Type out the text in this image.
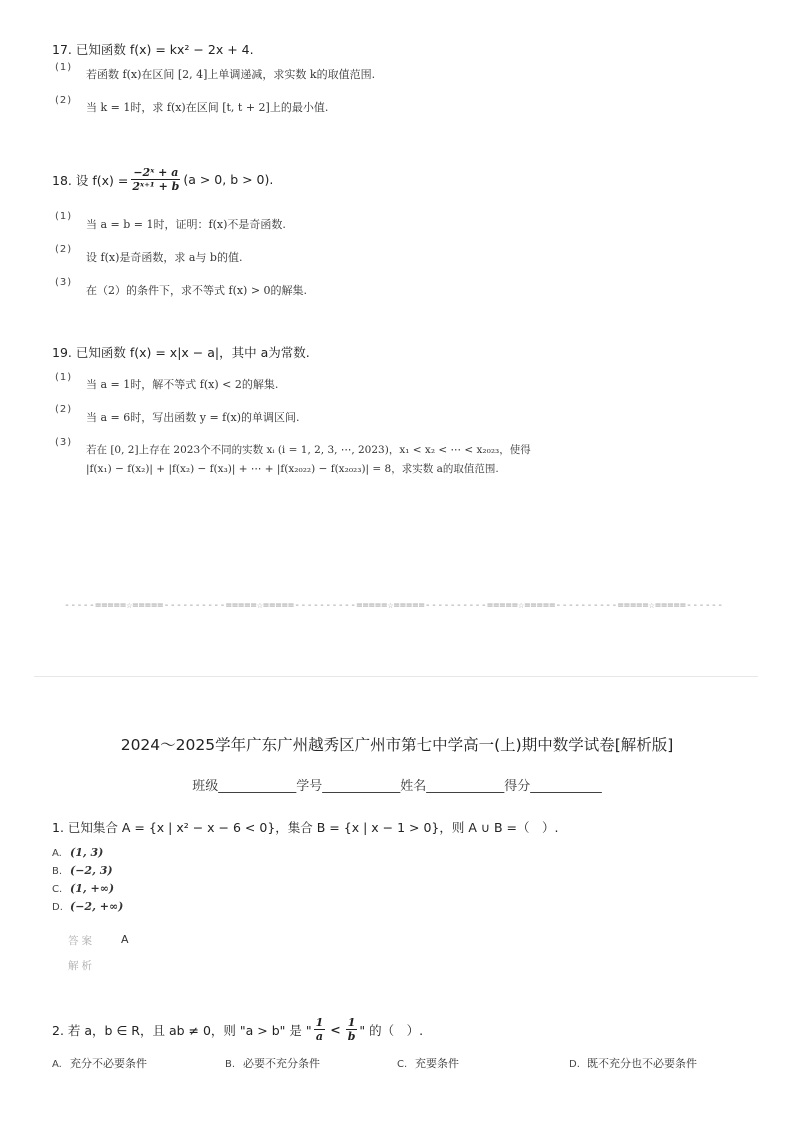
17. 已知函数 f(x) = kx² − 2x + 4.
(1)
若函数 f(x)在区间 [2, 4]上单调递减，求实数 k的取值范围.
(2)
当 k = 1时，求 f(x)在区间 [t, t + 2]上的最小值.
18. 设 $f(x) = \frac{\text{−2ˣ + a}}{\text{2ˣ⁺¹ + b}} (a > 0$, b > 0).
(1)
当 a = b = 1时，证明：f(x)不是奇函数.
(2)
设 f(x)是奇函数，求 a与 b的值.
(3)
在（2）的条件下，求不等式 f(x) > 0的解集.
19. 已知函数 f(x) = x|x − a|，其中 a为常数.
(1)
当 a = 1时，解不等式 f(x) < 2的解集.
(2)
当 a = 6时，写出函数 y = f(x)的单调区间.
(3)
若在 [0, 2]上存在 2023个不同的实数 xᵢ (i = 1, 2, 3, ⋯, 2023)，x₁ < x₂ < ⋯ < x₂₀₂₃，使得
|f(x₁) − f(x₂)| + |f(x₂) − f(x₃)| + ⋯ + |f(x₂₀₂₂) − f(x₂₀₂₃)| = 8，求实数 a的取值范围.
-----=====☆=====----------=====☆=====----------=====☆=====----------=====☆=====----------=====☆=====------
2024～2025学年广东广州越秀区广州市第七中学高一(上)期中数学试卷[解析版]
班级____________学号____________姓名____________得分___________
1. 已知集合 A = {x | x² − x − 6 < 0}，集合 B = {x | x − 1 > 0}，则 A ∪ B =（　）.
A. (1, 3)
B. (−2, 3)
C. (1, +∞)
D. (−2, +∞)
答案 A
解析
2. 若 a，b ∈ R，且 ab ≠ 0，则 "a > b" 是 " $\frac{1}{a} < \frac{1}{b}$ " 的（　）.
A. 充分不必要条件	B. 必要不充分条件	C. 充要条件	D. 既不充分也不必要条件
